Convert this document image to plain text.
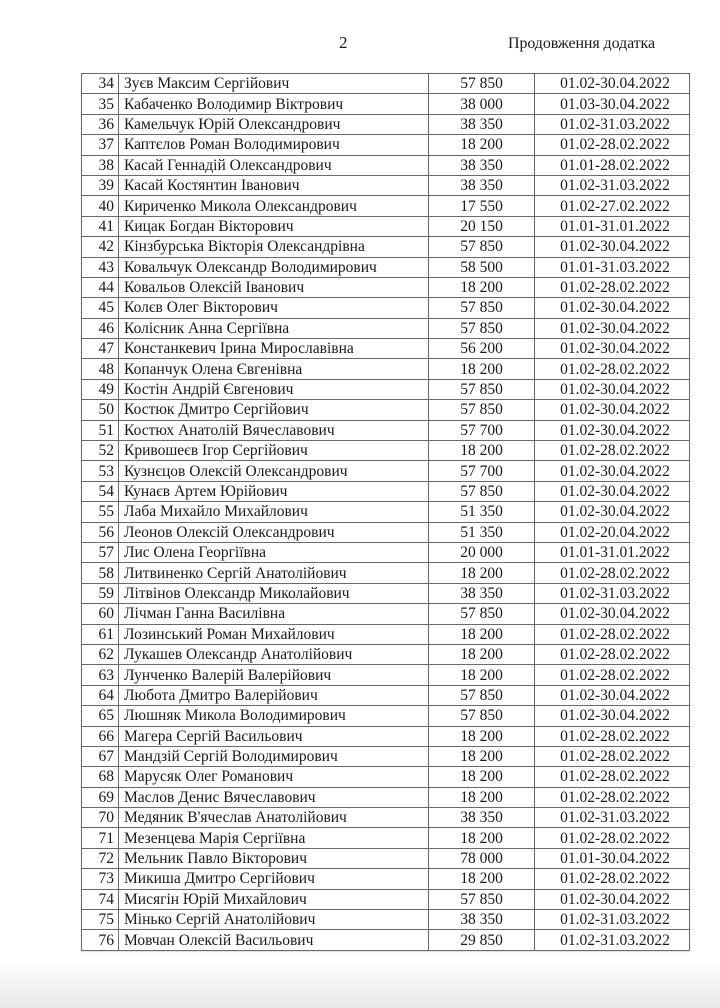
2	Продовження додатка
34	Зуєв Максим Сергійович	57 850	01.02-30.04.2022
35	Кабаченко Володимир Віктрович	38 000	01.03-30.04.2022
36	Камельчук Юрій Олександрович	38 350	01.02-31.03.2022
37	Каптєлов Роман Володимирович	18 200	01.02-28.02.2022
38	Касай Геннадій Олександрович	38 350	01.01-28.02.2022
39	Касай Костянтин Іванович	38 350	01.02-31.03.2022
40	Кириченко Микола Олександрович	17 550	01.02-27.02.2022
41	Кицак Богдан Вікторович	20 150	01.01-31.01.2022
42	Кінзбурська Вікторія Олександрівна	57 850	01.02-30.04.2022
43	Ковальчук Олександр Володимирович	58 500	01.01-31.03.2022
44	Ковальов Олексій Іванович	18 200	01.02-28.02.2022
45	Колєв Олег Вікторович	57 850	01.02-30.04.2022
46	Колісник Анна Сергіївна	57 850	01.02-30.04.2022
47	Констанкевич Ірина Мирославівна	56 200	01.02-30.04.2022
48	Копанчук Олена Євгенівна	18 200	01.02-28.02.2022
49	Костін Андрій Євгенович	57 850	01.02-30.04.2022
50	Костюк Дмитро Сергійович	57 850	01.02-30.04.2022
51	Костюх Анатолій Вячеславович	57 700	01.02-30.04.2022
52	Кривошеєв Ігор Сергійович	18 200	01.02-28.02.2022
53	Кузнєцов Олексій Олександрович	57 700	01.02-30.04.2022
54	Кунаєв Артем Юрійович	57 850	01.02-30.04.2022
55	Лаба Михайло Михайлович	51 350	01.02-30.04.2022
56	Леонов Олексій Олександрович	51 350	01.02-20.04.2022
57	Лис Олена Георгіївна	20 000	01.01-31.01.2022
58	Литвиненко Сергій Анатолійович	18 200	01.02-28.02.2022
59	Літвінов Олександр Миколайович	38 350	01.02-31.03.2022
60	Лічман Ганна Василівна	57 850	01.02-30.04.2022
61	Лозинський Роман Михайлович	18 200	01.02-28.02.2022
62	Лукашев Олександр Анатолійович	18 200	01.02-28.02.2022
63	Лунченко Валерій Валерійович	18 200	01.02-28.02.2022
64	Любота Дмитро Валерійович	57 850	01.02-30.04.2022
65	Люшняк Микола Володимирович	57 850	01.02-30.04.2022
66	Магера Сергій Васильович	18 200	01.02-28.02.2022
67	Мандзій Сергій Володимирович	18 200	01.02-28.02.2022
68	Марусяк Олег Романович	18 200	01.02-28.02.2022
69	Маслов Денис Вячеславович	18 200	01.02-28.02.2022
70	Медяник В'ячеслав Анатолійович	38 350	01.02-31.03.2022
71	Мезенцева Марія Сергіївна	18 200	01.02-28.02.2022
72	Мельник Павло Вікторович	78 000	01.01-30.04.2022
73	Микиша Дмитро Сергійович	18 200	01.02-28.02.2022
74	Мисягін Юрій Михайлович	57 850	01.02-30.04.2022
75	Мінько Сергій Анатолійович	38 350	01.02-31.03.2022
76	Мовчан Олексій Васильович	29 850	01.02-31.03.2022
